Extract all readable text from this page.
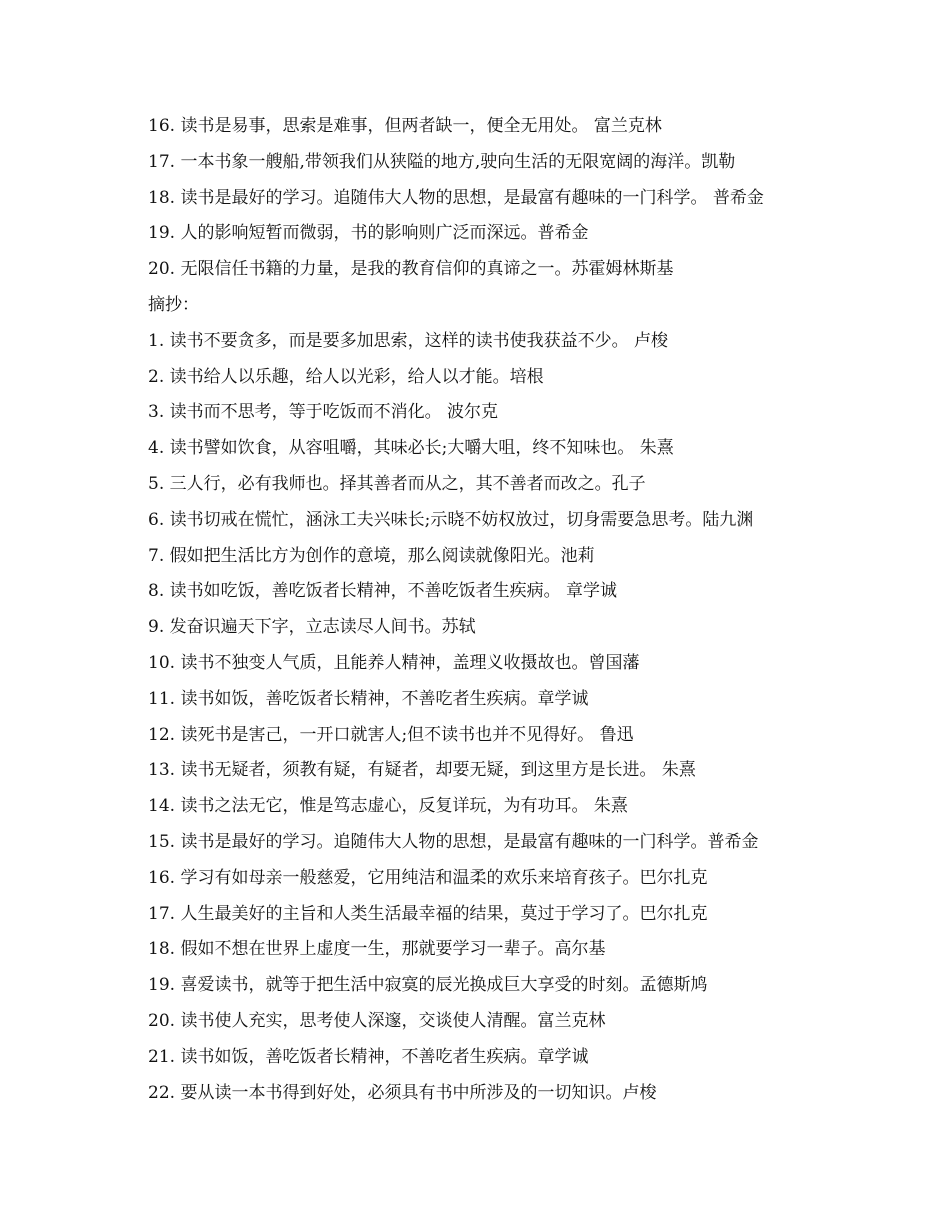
16. 读书是易事，思索是难事，但两者缺一，便全无用处。 富兰克林
17. 一本书象一艘船,带领我们从狭隘的地方,驶向生活的无限宽阔的海洋。凯勒
18. 读书是最好的学习。追随伟大人物的思想，是最富有趣味的一门科学。 普希金
19. 人的影响短暂而微弱，书的影响则广泛而深远。普希金
20. 无限信任书籍的力量，是我的教育信仰的真谛之一。苏霍姆林斯基
摘抄：
1. 读书不要贪多，而是要多加思索，这样的读书使我获益不少。 卢梭
2. 读书给人以乐趣，给人以光彩，给人以才能。培根
3. 读书而不思考，等于吃饭而不消化。 波尔克
4. 读书譬如饮食，从容咀嚼，其味必长;大嚼大咀，终不知味也。 朱熹
5. 三人行，必有我师也。择其善者而从之，其不善者而改之。孔子
6. 读书切戒在慌忙，涵泳工夫兴味长;示晓不妨权放过，切身需要急思考。陆九渊
7. 假如把生活比方为创作的意境，那么阅读就像阳光。池莉
8. 读书如吃饭，善吃饭者长精神，不善吃饭者生疾病。 章学诚
9. 发奋识遍天下字，立志读尽人间书。苏轼
10. 读书不独变人气质，且能养人精神，盖理义收摄故也。曾国藩
11. 读书如饭，善吃饭者长精神，不善吃者生疾病。章学诚
12. 读死书是害己，一开口就害人;但不读书也并不见得好。 鲁迅
13. 读书无疑者，须教有疑，有疑者，却要无疑，到这里方是长进。 朱熹
14. 读书之法无它，惟是笃志虚心，反复详玩，为有功耳。 朱熹
15. 读书是最好的学习。追随伟大人物的思想，是最富有趣味的一门科学。普希金
16. 学习有如母亲一般慈爱，它用纯洁和温柔的欢乐来培育孩子。巴尔扎克
17. 人生最美好的主旨和人类生活最幸福的结果，莫过于学习了。巴尔扎克
18. 假如不想在世界上虚度一生，那就要学习一辈子。高尔基
19. 喜爱读书，就等于把生活中寂寞的辰光换成巨大享受的时刻。孟德斯鸠
20. 读书使人充实，思考使人深邃，交谈使人清醒。富兰克林
21. 读书如饭，善吃饭者长精神，不善吃者生疾病。章学诚
22. 要从读一本书得到好处，必须具有书中所涉及的一切知识。卢梭
